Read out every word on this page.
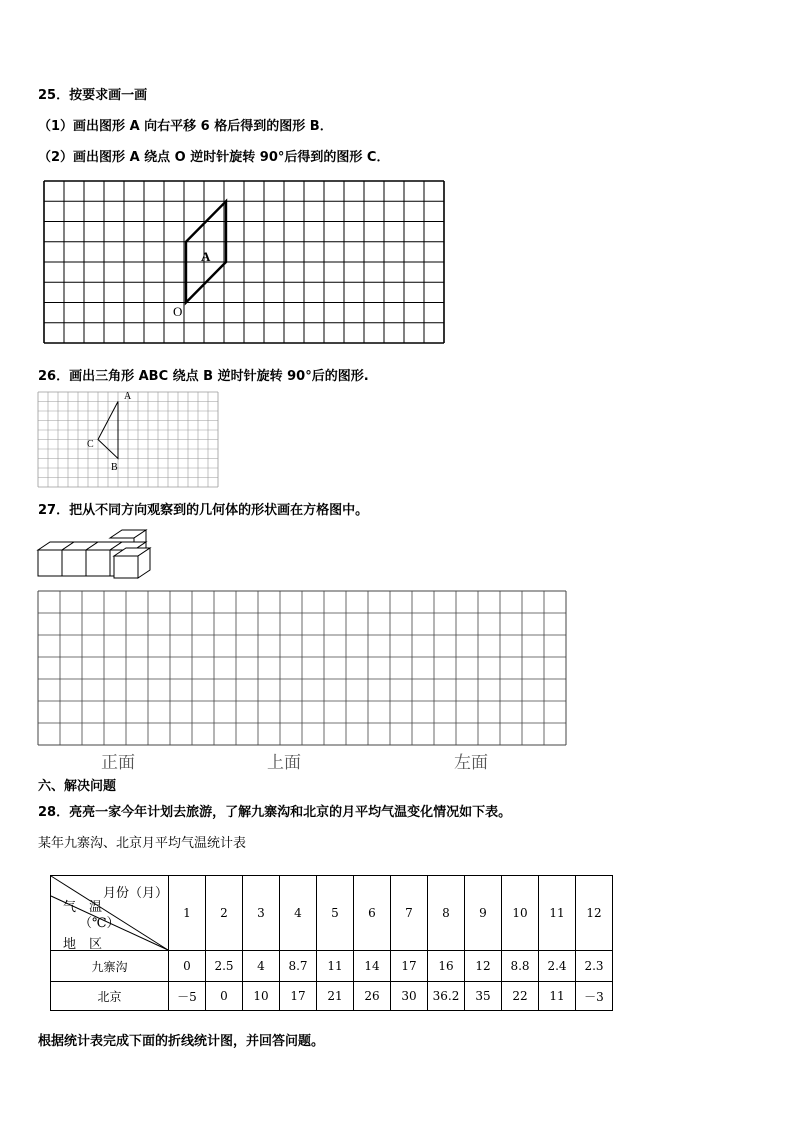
25．按要求画一画
（1）画出图形 A 向右平移 6 格后得到的图形 B．
（2）画出图形 A 绕点 O 逆时针旋转 90°后得到的图形 C．
A
O
26．画出三角形 ABC 绕点 B 逆时针旋转 90°后的图形.
A
C
B
27．把从不同方向观察到的几何体的形状画在方格图中。
正面	上面	左面
六、解决问题
28．亮亮一家今年计划去旅游，了解九寨沟和北京的月平均气温变化情况如下表。
某年九寨沟、北京月平均气温统计表
月份（月）
气　温
（℃）
地　区	1	2	3	4	5	6	7	8	9	10	11	12
九寨沟	0	2.5	4	8.7	11	14	17	16	12	8.8	2.4	2.3
北京	－5	0	10	17	21	26	30	36.2	35	22	11	－3
根据统计表完成下面的折线统计图，并回答问题。
